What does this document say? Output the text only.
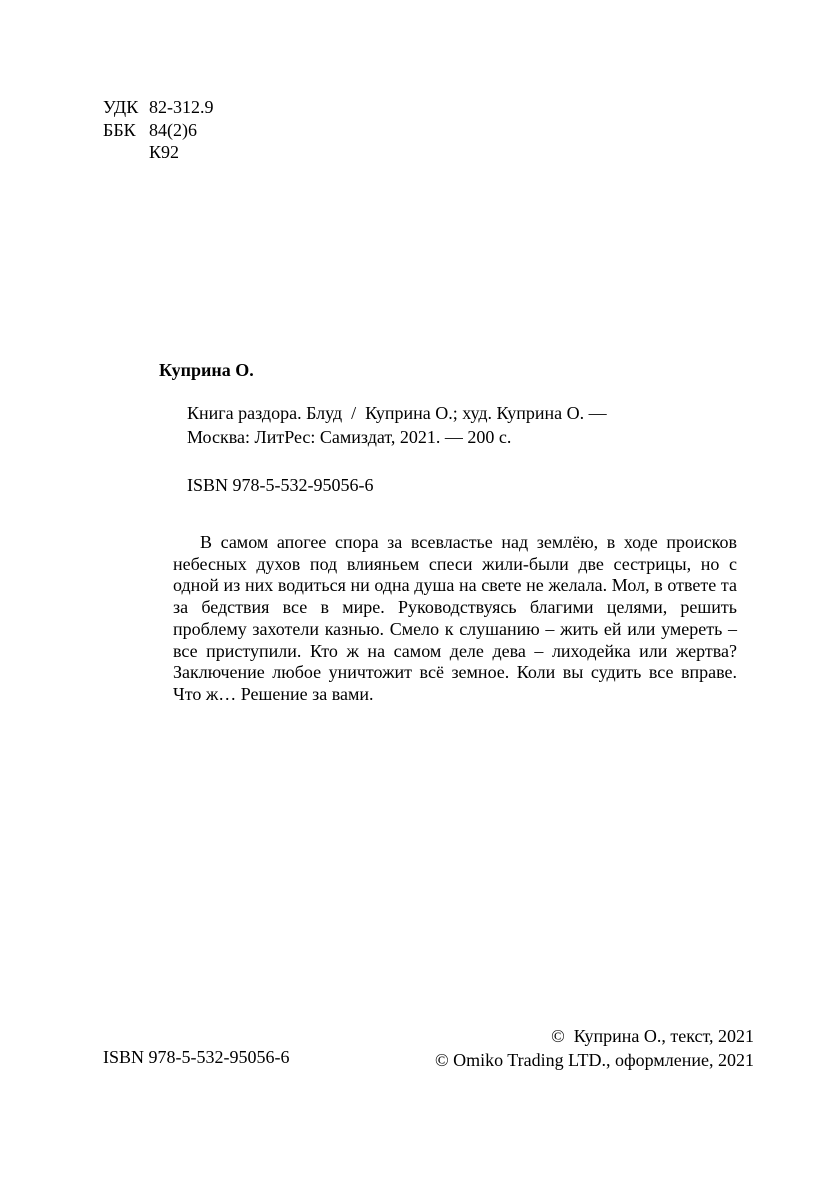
УДК 82-312.9
ББК 84(2)6
К92
Куприна О.
Книга раздора. Блуд  /  Куприна О.; худ. Куприна О. —
Москва: ЛитРес: Самиздат, 2021. — 200 с.
ISBN 978-5-532-95056-6

В самом апогее спора за всевластье над землёю, в ходе происков небесных духов под влияньем спеси жили-были две сестрицы, но с одной из них водиться ни одна душа на свете не желала. Мол, в ответе та за бедствия все в мире. Руководствуясь благими целями, решить проблему захотели казнью. Смело к слушанию – жить ей или умереть – все приступили. Кто ж на самом деле дева – лиходейка или жертва? Заключение любое уничтожит всё земное. Коли вы судить все вправе. Что ж… Решение за вами.

ISBN 978-5-532-95056-6
©  Куприна О., текст, 2021
© Omiko Trading LTD., оформление, 2021
